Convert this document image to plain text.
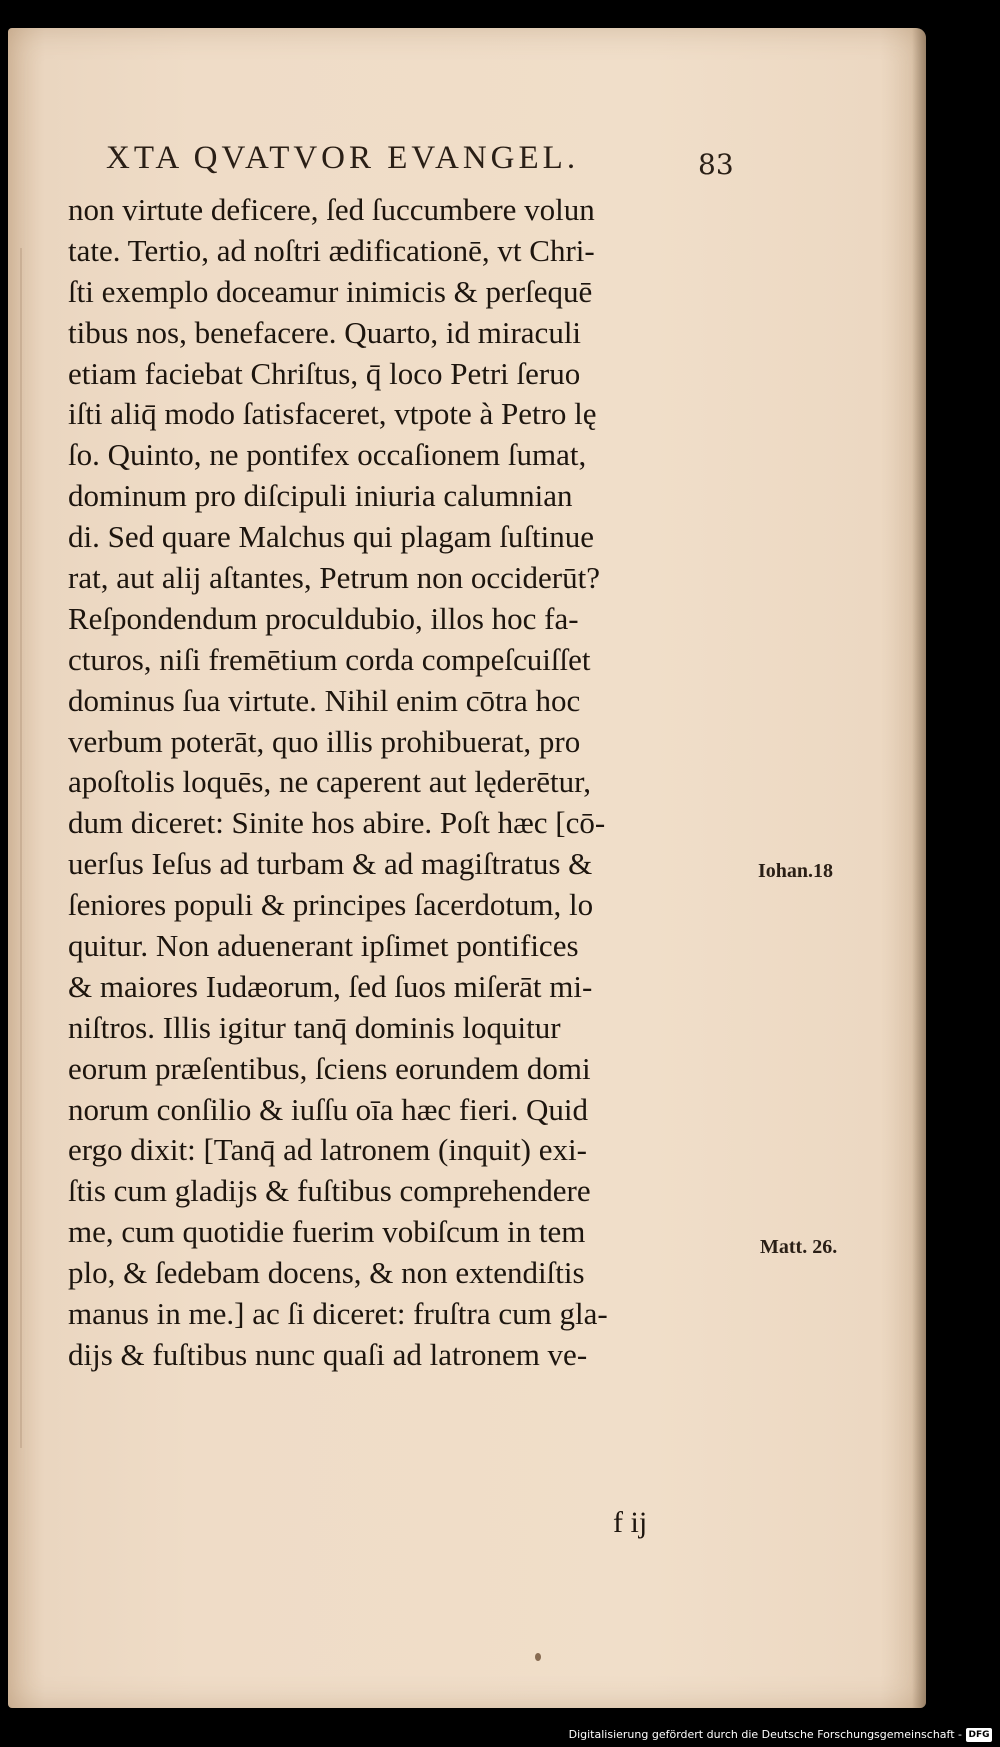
XTA QVATVOR EVANGEL.	83
non virtute deficere, ſed ſuccumbere volun
tate. Tertio, ad noſtri ædificationē, vt Chri-
ſti exemplo doceamur inimicis & perſequē
tibus nos, benefacere. Quarto, id miraculi
etiam faciebat Chriſtus, q̄ loco Petri ſeruo
iſti aliq̄ modo ſatisfaceret, vtpote à Petro lę
ſo. Quinto, ne pontifex occaſionem ſumat,
dominum pro diſcipuli iniuria calumnian
di. Sed quare Malchus qui plagam ſuſtinue
rat, aut alij aſtantes, Petrum non occiderūt?
Reſpondendum proculdubio, illos hoc fa-
cturos, niſi fremētium corda compeſcuiſſet
dominus ſua virtute. Nihil enim cōtra hoc
verbum poterāt, quo illis prohibuerat, pro
apoſtolis loquēs, ne caperent aut lęderētur,
dum diceret: Sinite hos abire. Poſt hæc [cō-
uerſus Ieſus ad turbam & ad magiſtratus &
ſeniores populi & principes ſacerdotum, lo
quitur. Non aduenerant ipſimet pontifices
& maiores Iudæorum, ſed ſuos miſerāt mi-
niſtros. Illis igitur tanq̄ dominis loquitur
eorum præſentibus, ſciens eorundem domi
norum conſilio & iuſſu oīa hæc fieri. Quid
ergo dixit: [Tanq̄ ad latronem (inquit) exi-
ſtis cum gladijs & fuſtibus comprehendere
me, cum quotidie fuerim vobiſcum in tem
plo, & ſedebam docens, & non extendiſtis
manus in me.] ac ſi diceret: fruſtra cum gla-
dijs & fuſtibus nunc quaſi ad latronem ve-
Iohan.18
Matt. 26.
f ij
Digitalisierung gefördert durch die Deutsche Forschungsgemeinschaft - DFG
